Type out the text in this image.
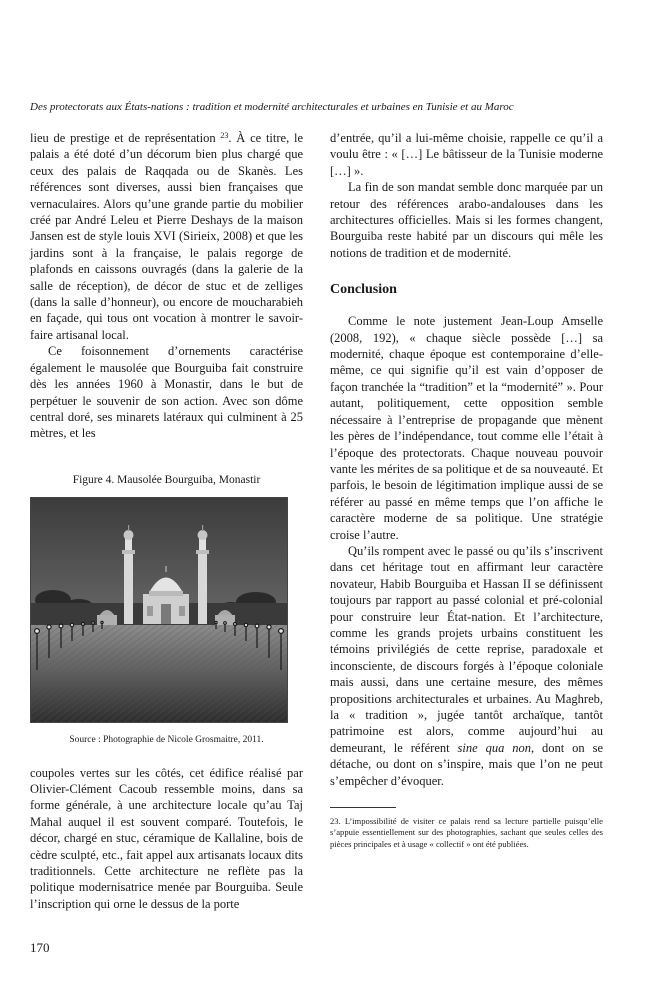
Des protectorats aux États-nations : tradition et modernité architecturales et urbaines en Tunisie et au Maroc

lieu de prestige et de représentation $^{23}$. À ce titre, le palais a été doté d’un décorum bien plus chargé que ceux des palais de Raqqada ou de Skanès. Les références sont diverses, aussi bien françaises que vernaculaires. Alors qu’une grande partie du mobilier créé par André Leleu et Pierre Deshays de la maison Jansen est de style louis XVI (Sirieix, 2008) et que les jardins sont à la française, le palais regorge de plafonds en caissons ouvragés (dans la galerie de la salle de réception), de décor de stuc et de zelliges (dans la salle d’honneur), ou encore de moucharabieh en façade, qui tous ont vocation à montrer le savoir-faire artisanal local.

Ce foisonnement d’ornements caractérise également le mausolée que Bourguiba fait construire dès les années 1960 à Monastir, dans le but de perpétuer le souvenir de son action. Avec son dôme central doré, ses minarets latéraux qui culminent à 25 mètres, et les

Figure 4. Mausolée Bourguiba, Monastir
Source : Photographie de Nicole Grosmaitre, 2011.

coupoles vertes sur les côtés, cet édifice réalisé par Olivier-Clément Cacoub ressemble moins, dans sa forme générale, à une architecture locale qu’au Taj Mahal auquel il est souvent comparé. Toutefois, le décor, chargé en stuc, céramique de Kallaline, bois de cèdre sculpté, etc., fait appel aux artisanats locaux dits traditionnels. Cette architecture ne reflète pas la politique modernisatrice menée par Bourguiba. Seule l’inscription qui orne le dessus de la porte

d’entrée, qu’il a lui-même choisie, rappelle ce qu’il a voulu être : « […] Le bâtisseur de la Tunisie moderne […] ».

La fin de son mandat semble donc marquée par un retour des références arabo-andalouses dans les architectures officielles. Mais si les formes changent, Bourguiba reste habité par un discours qui mêle les notions de tradition et de modernité.

Conclusion

Comme le note justement Jean-Loup Amselle (2008, 192), « chaque siècle possède […] sa modernité, chaque époque est contemporaine d’elle-même, ce qui signifie qu’il est vain d’opposer de façon tranchée la “tradition” et la “modernité” ». Pour autant, politiquement, cette opposition semble nécessaire à l’entreprise de propagande que mènent les pères de l’indépendance, tout comme elle l’était à l’époque des protectorats. Chaque nouveau pouvoir vante les mérites de sa politique et de sa nouveauté. Et parfois, le besoin de légitimation implique aussi de se référer au passé en même temps que l’on affiche le caractère moderne de sa politique. Une stratégie croise l’autre.

Qu’ils rompent avec le passé ou qu’ils s’inscrivent dans cet héritage tout en affirmant leur caractère novateur, Habib Bourguiba et Hassan II se définissent toujours par rapport au passé colonial et pré-colonial pour construire leur État-nation. Et l’architecture, comme les grands projets urbains constituent les témoins privilégiés de cette reprise, paradoxale et inconsciente, de discours forgés à l’époque coloniale mais aussi, dans une certaine mesure, des mêmes propositions architecturales et urbaines. Au Maghreb, la « tradition », jugée tantôt archaïque, tantôt patrimoine est alors, comme aujourd’hui au demeurant, le référent sine qua non, dont on se détache, ou dont on s’inspire, mais que l’on ne peut s’empêcher d’évoquer.

23. L’impossibilité de visiter ce palais rend sa lecture partielle puisqu’elle s’appuie essentiellement sur des photographies, sachant que seules celles des pièces principales et à usage « collectif » ont été publiées.
170
